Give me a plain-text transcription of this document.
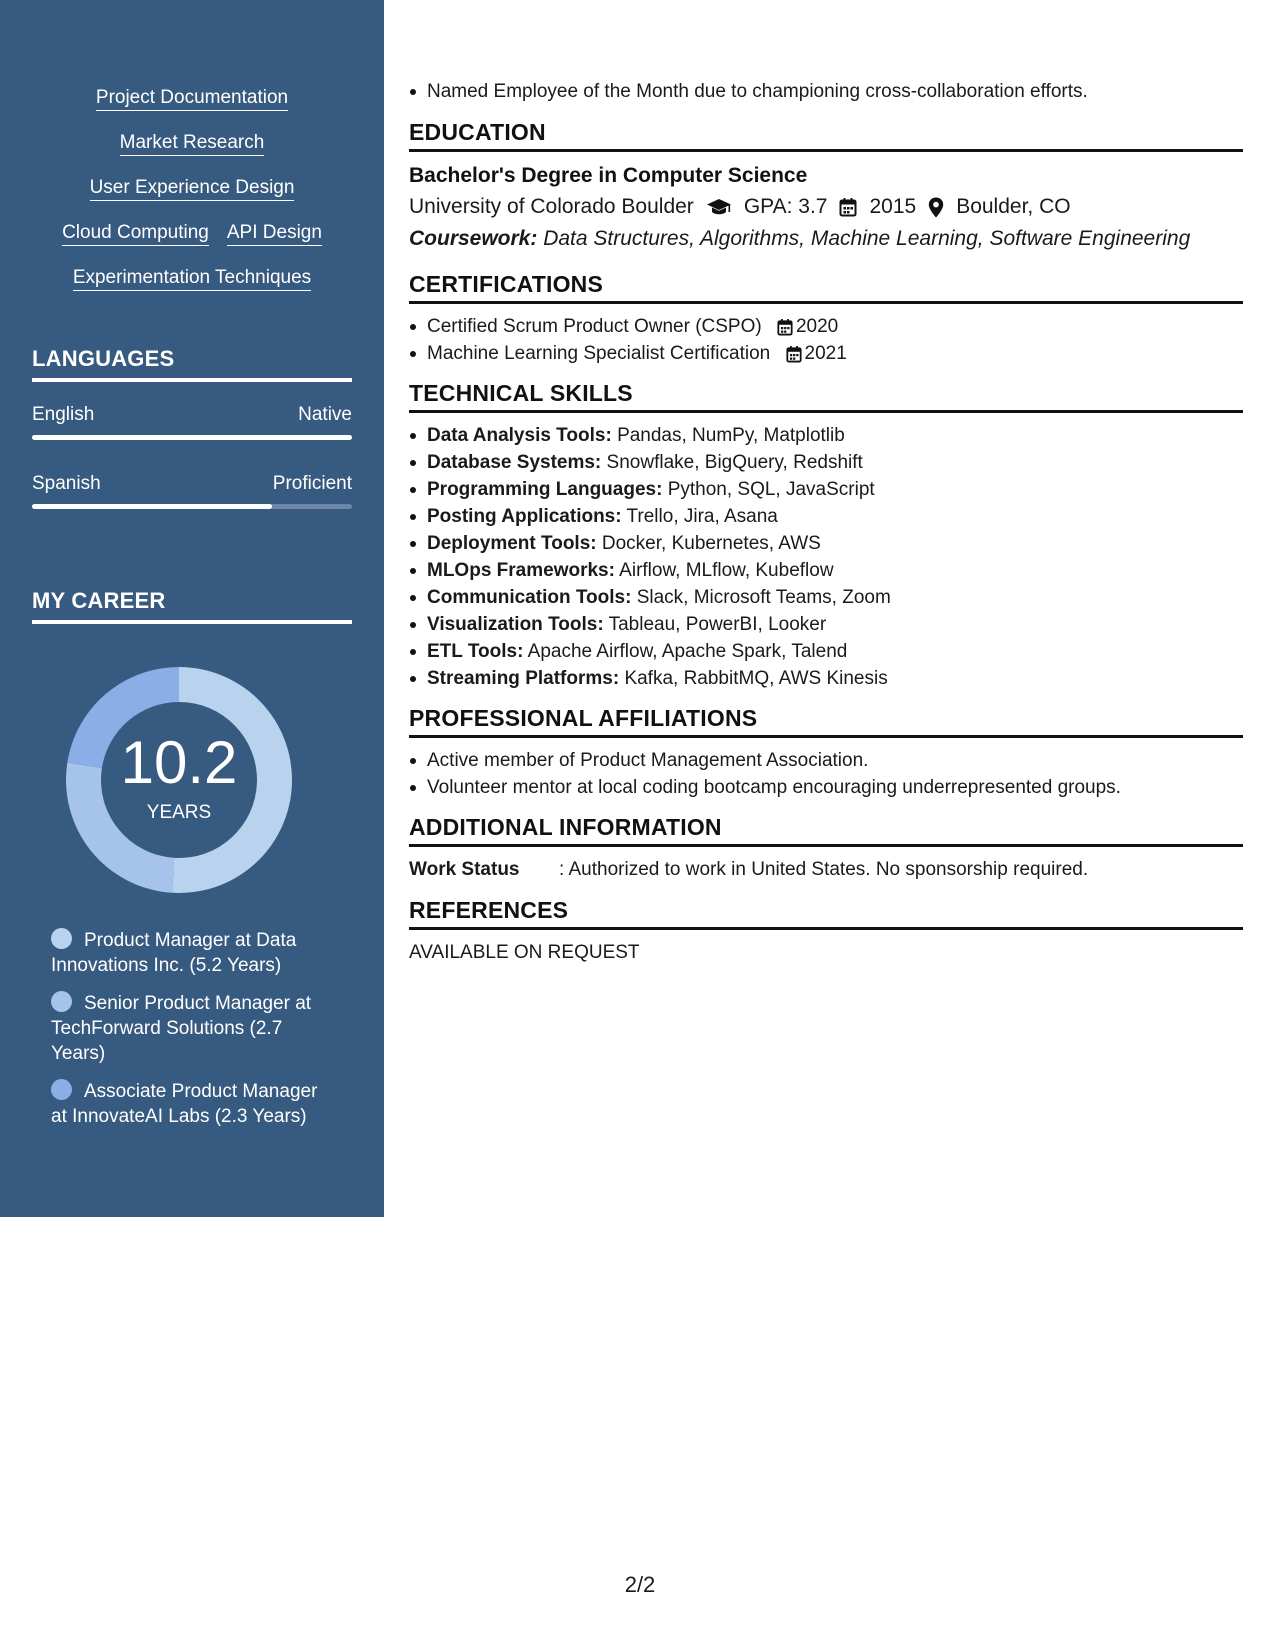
Project Documentation
Market Research
User Experience Design
Cloud Computing API Design
Experimentation Techniques
LANGUAGES
English	Native
Spanish	Proficient
MY CAREER
10.2
YEARS
Product Manager at Data Innovations Inc. (5.2 Years)
Senior Product Manager at TechForward Solutions (2.7 Years)
Associate Product Manager at InnovateAI Labs (2.3 Years)
Named Employee of the Month due to championing cross-collaboration efforts.
EDUCATION
Bachelor's Degree in Computer Science
University of Colorado Boulder GPA: 3.7 2015 Boulder, CO
Coursework: Data Structures, Algorithms, Machine Learning, Software Engineering
CERTIFICATIONS
Certified Scrum Product Owner (CSPO) 2020
Machine Learning Specialist Certification 2021
TECHNICAL SKILLS
Data Analysis Tools: Pandas, NumPy, Matplotlib
Database Systems: Snowflake, BigQuery, Redshift
Programming Languages: Python, SQL, JavaScript
Posting Applications: Trello, Jira, Asana
Deployment Tools: Docker, Kubernetes, AWS
MLOps Frameworks: Airflow, MLflow, Kubeflow
Communication Tools: Slack, Microsoft Teams, Zoom
Visualization Tools: Tableau, PowerBI, Looker
ETL Tools: Apache Airflow, Apache Spark, Talend
Streaming Platforms: Kafka, RabbitMQ, AWS Kinesis
PROFESSIONAL AFFILIATIONS
Active member of Product Management Association.
Volunteer mentor at local coding bootcamp encouraging underrepresented groups.
ADDITIONAL INFORMATION
Work Status	: Authorized to work in United States. No sponsorship required.
REFERENCES
AVAILABLE ON REQUEST
2/2
